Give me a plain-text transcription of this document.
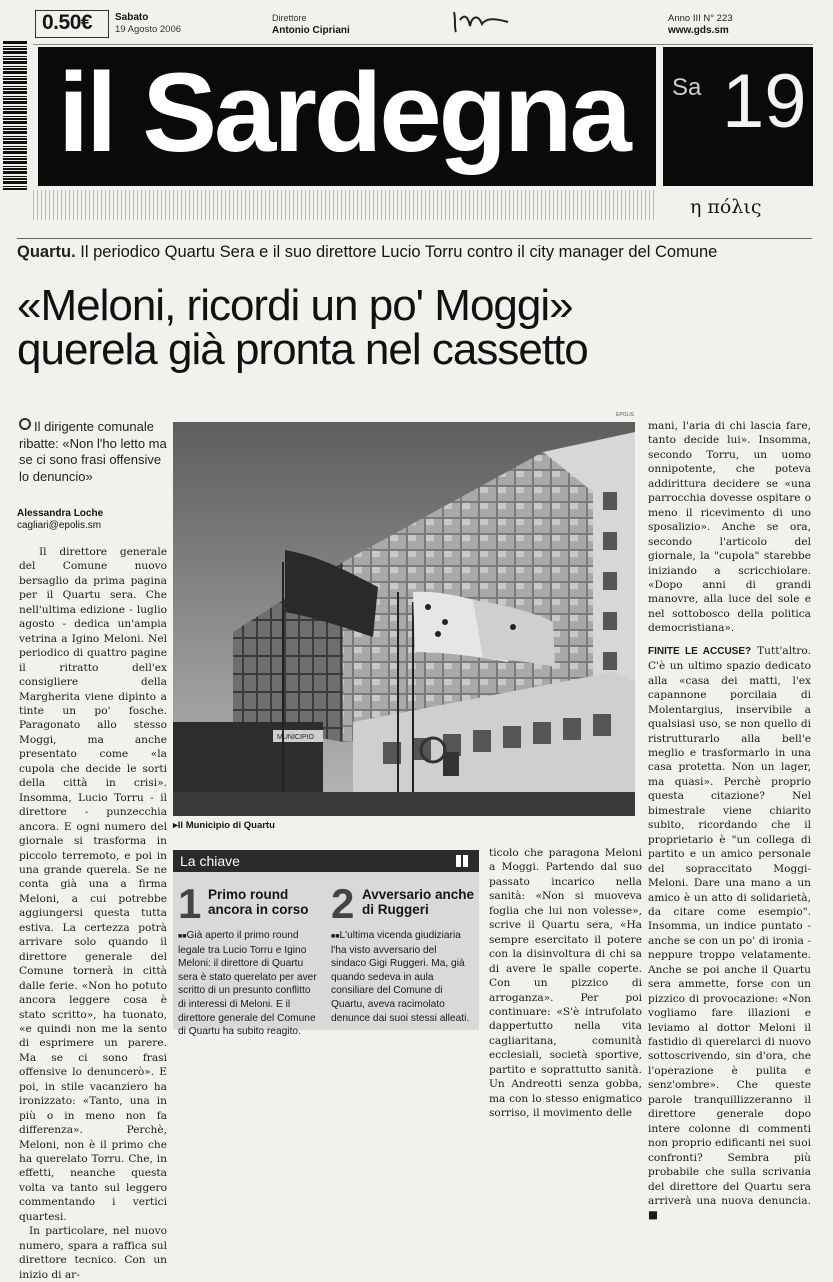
0.50€ Sabato
19 Agosto 2006
Direttore
Antonio Cipriani
Anno III N° 223
www.gds.sm
il Sardegna Sa 19
η πόλις
Quartu. Il periodico Quartu Sera e il suo direttore Lucio Torru contro il city manager del Comune
«Meloni, ricordi un po' Moggi»
querela già pronta nel cassetto
Il dirigente comunale ribatte: «Non l'ho letto ma se ci sono frasi offensive lo denuncio»
Alessandra Loche
cagliari@epolis.sm

Il direttore generale del Comune nuovo bersaglio da prima pagina per il Quartu sera. Che nell'ultima edizione - luglio agosto - dedica un'ampia vetrina a Igino Meloni. Nel periodico di quattro pagine il ritratto dell'ex consigliere della Margherita viene dipinto a tinte un po' fosche. Paragonato allo stesso Moggi, ma anche presentato come «la cupola che decide le sorti della città in crisi». Insomma, Lucio Torru - il direttore - punzecchia ancora. E ogni numero del giornale si trasforma in piccolo terremoto, e poi in una grande querela. Se ne conta già una a firma Meloni, a cui potrebbe aggiungersi questa tutta estiva. La certezza potrà arrivare solo quando il direttore generale del Comune tornerà in città dalle ferie. «Non ho potuto ancora leggere cosa è stato scritto», ha tuonato, «e quindi non me la sento di esprimere un parere. Ma se ci sono frasi offensive lo denuncerò». E poi, in stile vacanziero ha ironizzato: «Tanto, una in più o in meno non fa differenza». Perchè, Meloni, non è il primo che ha querelato Torru. Che, in effetti, neanche questa volta va tanto sul leggero commentando i vertici quartesi.

In particolare, nel nuovo numero, spara a raffica sul direttore tecnico. Con un inizio di ar-

MUNICIPIO
EPOLIS
▸Il Municipio di Quartu
La chiave
1 Primo round ancora in corso
■■Già aperto il primo round legale tra Lucio Torru e Igino Meloni: il direttore di Quartu sera è stato querelato per aver scritto di un presunto conflitto di interessi di Meloni. E il direttore generale del Comune di Quartu ha subito reagito.
2 Avversario anche di Ruggeri
■■L'ultima vicenda giudiziaria l'ha visto avversario del sindaco Gigi Ruggeri. Ma, già quando sedeva in aula consiliare del Comune di Quartu, aveva racimolato denunce dai suoi stessi alleati.

ticolo che paragona Meloni a Moggi. Partendo dal suo passato incarico nella sanità: «Non si muoveva foglia che lui non volesse», scrive il Quartu sera, «Ha sempre esercitato il potere con la disinvoltura di chi sa di avere le spalle coperte. Con un pizzico di arroganza». Per poi continuare: «S'è intrufolato dappertutto nella vita cagliaritana, comunità ecclesiali, società sportive, partito e soprattutto sanità. Un Andreotti senza gobba, ma con lo stesso enigmatico sorriso, il movimento delle

mani, l'aria di chi lascia fare, tanto decide lui». Insomma, secondo Torru, un uomo onnipotente, che poteva addirittura decidere se «una parrocchia dovesse ospitare o meno il ricevimento di uno sposalizio». Anche se ora, secondo l'articolo del giornale, la "cupola" starebbe iniziando a scricchiolare. «Dopo anni di grandi manovre, alla luce del sole e nel sottobosco della politica democristiana».

FINITE LE ACCUSE? Tutt'altro. C'è un ultimo spazio dedicato alla «casa dei matti, l'ex capannone porcilaia di Molentargius, inservibile a qualsiasi uso, se non quello di ristrutturarlo alla bell'e meglio e trasformarlo in una casa protetta. Non un lager, ma quasi». Perchè proprio questa citazione? Nel bimestrale viene chiarito subito, ricordando che il proprietario è "un collega di partito e un amico personale del sopraccitato Moggi-Meloni. Dare una mano a un amico è un atto di solidarietà, da citare come esempio". Insomma, un indice puntato - anche se con un po' di ironia - neppure troppo velatamente. Anche se poi anche il Quartu sera ammette, forse con un pizzico di provocazione: «Non vogliamo fare illazioni e leviamo al dottor Meloni il fastidio di querelarci di nuovo sottoscrivendo, sin d'ora, che l'operazione è pulita e senz'ombre». Che queste parole tranquillizzeranno il direttore generale dopo intere colonne di commenti non proprio edificanti nei suoi confronti? Sembra più probabile che sulla scrivania del direttore del Quartu sera arriverà una nuova denuncia. ■
